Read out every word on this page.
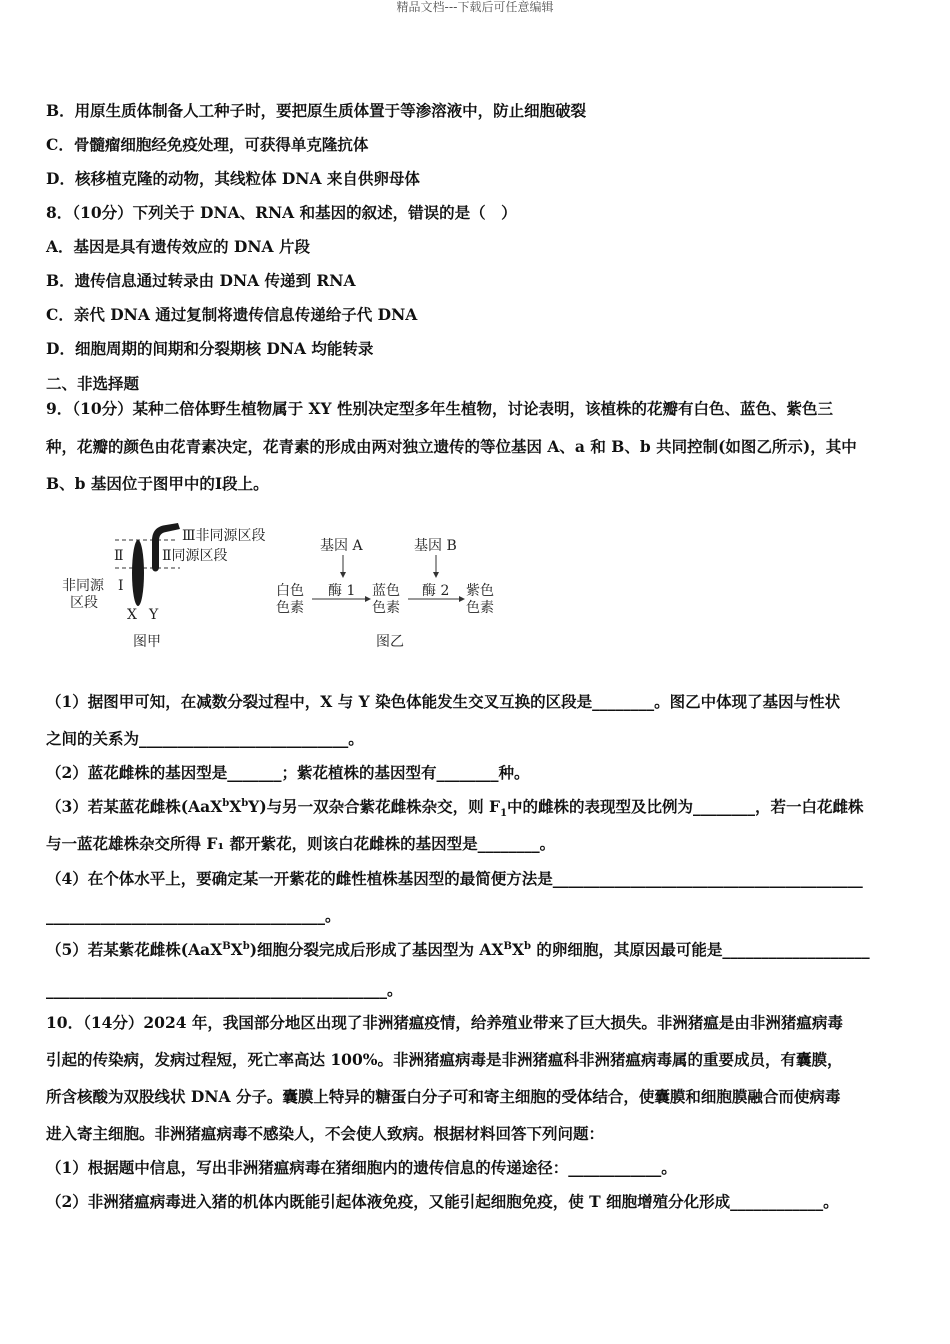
精品文档---下载后可任意编辑
B．用原生质体制备人工种子时，要把原生质体置于等渗溶液中，防止细胞破裂
C．骨髓瘤细胞经免疫处理，可获得单克隆抗体
D．核移植克隆的动物，其线粒体 DNA 来自供卵母体
8．（10分）下列关于 DNA、RNA 和基因的叙述，错误的是（　）
A．基因是具有遗传效应的 DNA 片段
B．遗传信息通过转录由 DNA 传递到 RNA
C．亲代 DNA 通过复制将遗传信息传递给子代 DNA
D．细胞周期的间期和分裂期核 DNA 均能转录
二、非选择题
9．（10分）某种二倍体野生植物属于 XY 性别决定型多年生植物，讨论表明，该植株的花瓣有白色、蓝色、紫色三
种，花瓣的颜色由花青素决定，花青素的形成由两对独立遗传的等位基因 A、a 和 B、b 共同控制(如图乙所示)，其中
B、b 基因位于图甲中的Ⅰ段上。
Ⅲ非同源区段
Ⅱ同源区段
Ⅱ
Ⅰ
非同源
区段
X Y
图甲
基因 A	基因 B
白色
色素
酶 1 蓝色
色素
酶 2 紫色
色素
图乙
（1）据图甲可知，在减数分裂过程中，X 与 Y 染色体能发生交叉互换的区段是________。图乙中体现了基因与性状
之间的关系为___________________________。
（2）蓝花雌株的基因型是_______；紫花植株的基因型有________种。
（3）若某蓝花雌株$(AaX^bX^bY)$与另一双杂合紫花雌株杂交，则 $F_1$中的雌株的表现型及比例为________，若一白花雌株
与一蓝花雄株杂交所得 F₁ 都开紫花，则该白花雌株的基因型是________。
（4）在个体水平上，要确定某一开紫花的雌性植株基因型的最简便方法是________________________________________
____________________________________。
（5）若某紫花雌株$(AaX^BX^b)$细胞分裂完成后形成了基因型为 $AX^BX^b$ 的卵细胞，其原因最可能是___________________
____________________________________________。
10．（14分）2024 年，我国部分地区出现了非洲猪瘟疫情，给养殖业带来了巨大损失。非洲猪瘟是由非洲猪瘟病毒
引起的传染病，发病过程短，死亡率高达 100%。非洲猪瘟病毒是非洲猪瘟科非洲猪瘟病毒属的重要成员，有囊膜，
所含核酸为双股线状 DNA 分子。囊膜上特异的糖蛋白分子可和寄主细胞的受体结合，使囊膜和细胞膜融合而使病毒
进入寄主细胞。非洲猪瘟病毒不感染人，不会使人致病。根据材料回答下列问题：
（1）根据题中信息，写出非洲猪瘟病毒在猪细胞内的遗传信息的传递途径：____________。
（2）非洲猪瘟病毒进入猪的机体内既能引起体液免疫，又能引起细胞免疫，使 T 细胞增殖分化形成____________。
